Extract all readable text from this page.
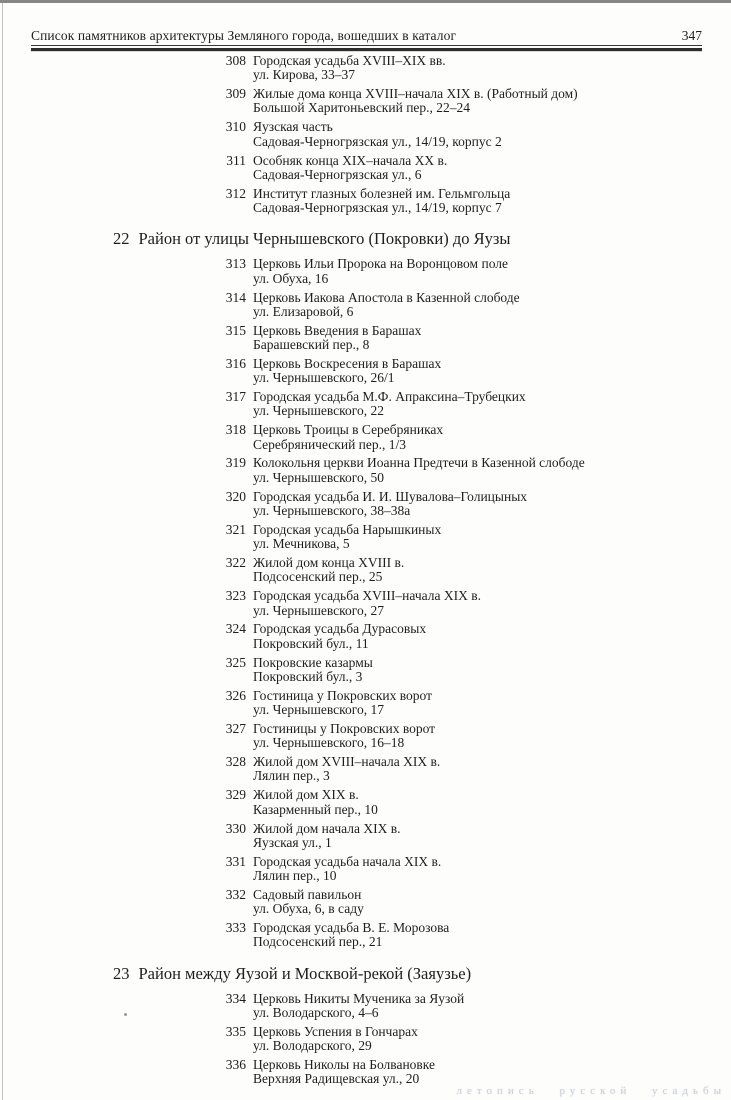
Список памятников архитектуры Земляного города, вошедших в каталог	347
308 Городская усадьба XVIII–XIX вв.
ул. Кирова, 33–37
309 Жилые дома конца XVIII–начала XIX в. (Работный дом)
Большой Харитоньевский пер., 22–24
310 Яузская часть
Садовая-Черногрязская ул., 14/19, корпус 2
311 Особняк конца XIX–начала XX в.
Садовая-Черногрязская ул., 6
312 Институт глазных болезней им. Гельмгольца
Садовая-Черногрязская ул., 14/19, корпус 7
22 Район от улицы Чернышевского (Покровки) до Яузы
313 Церковь Ильи Пророка на Воронцовом поле
ул. Обуха, 16
314 Церковь Иакова Апостола в Казенной слободе
ул. Елизаровой, 6
315 Церковь Введения в Барашах
Барашевский пер., 8
316 Церковь Воскресения в Барашах
ул. Чернышевского, 26/1
317 Городская усадьба М.Ф. Апраксина–Трубецких
ул. Чернышевского, 22
318 Церковь Троицы в Серебряниках
Серебрянический пер., 1/3
319 Колокольня церкви Иоанна Предтечи в Казенной слободе
ул. Чернышевского, 50
320 Городская усадьба И. И. Шувалова–Голицыных
ул. Чернышевского, 38–38а
321 Городская усадьба Нарышкиных
ул. Мечникова, 5
322 Жилой дом конца XVIII в.
Подсосенский пер., 25
323 Городская усадьба XVIII–начала XIX в.
ул. Чернышевского, 27
324 Городская усадьба Дурасовых
Покровский бул., 11
325 Покровские казармы
Покровский бул., 3
326 Гостиница у Покровских ворот
ул. Чернышевского, 17
327 Гостиницы у Покровских ворот
ул. Чернышевского, 16–18
328 Жилой дом XVIII–начала XIX в.
Лялин пер., 3
329 Жилой дом XIX в.
Казарменный пер., 10
330 Жилой дом начала XIX в.
Яузская ул., 1
331 Городская усадьба начала XIX в.
Лялин пер., 10
332 Садовый павильон
ул. Обуха, 6, в саду
333 Городская усадьба В. Е. Морозова
Подсосенский пер., 21
23 Район между Яузой и Москвой-рекой (Заяузье)
334 Церковь Никиты Мученика за Яузой
ул. Володарского, 4–6
335 Церковь Успения в Гончарах
ул. Володарского, 29
336 Церковь Николы на Болвановке
Верхняя Радищевская ул., 20
летопись русской усадьбы
